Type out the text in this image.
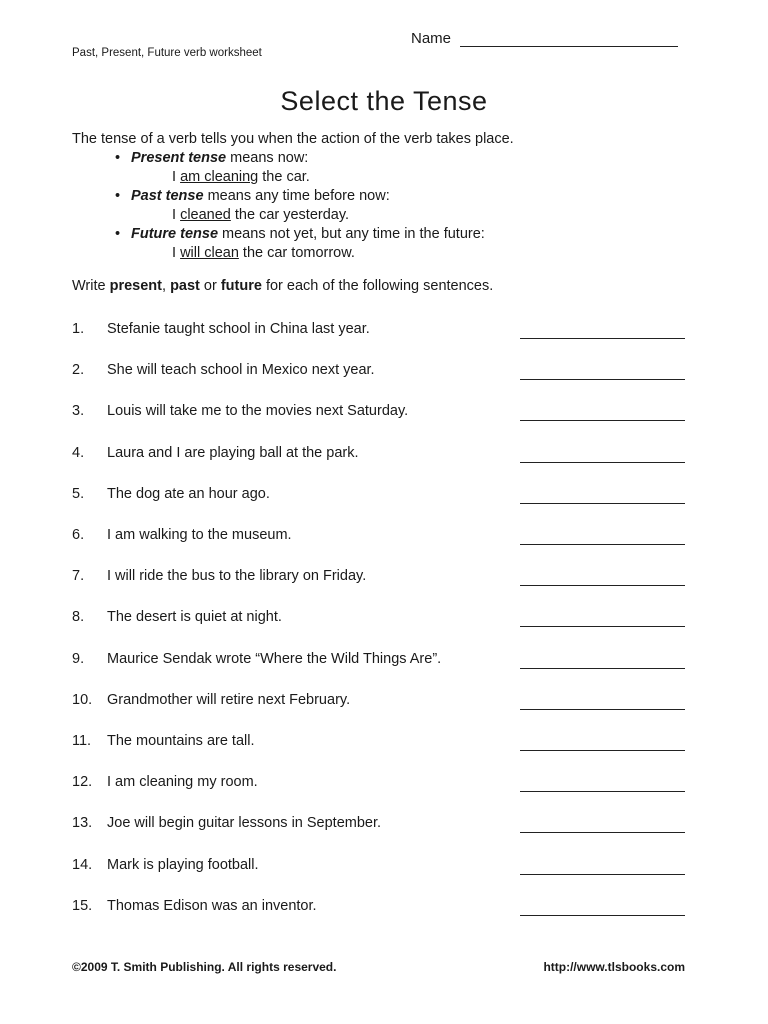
Name
Past, Present, Future verb worksheet
Select the Tense
The tense of a verb tells you when the action of the verb takes place.
• Present tense means now:
I am cleaning the car.
• Past tense means any time before now:
I cleaned the car yesterday.
• Future tense means not yet, but any time in the future:
I will clean the car tomorrow.
Write present, past or future for each of the following sentences.
1. Stefanie taught school in China last year.
2. She will teach school in Mexico next year.
3. Louis will take me to the movies next Saturday.
4. Laura and I are playing ball at the park.
5. The dog ate an hour ago.
6. I am walking to the museum.
7. I will ride the bus to the library on Friday.
8. The desert is quiet at night.
9. Maurice Sendak wrote “Where the Wild Things Are”.
10. Grandmother will retire next February.
11. The mountains are tall.
12. I am cleaning my room.
13. Joe will begin guitar lessons in September.
14. Mark is playing football.
15. Thomas Edison was an inventor.
©2009 T. Smith Publishing. All rights reserved.	http://www.tlsbooks.com
